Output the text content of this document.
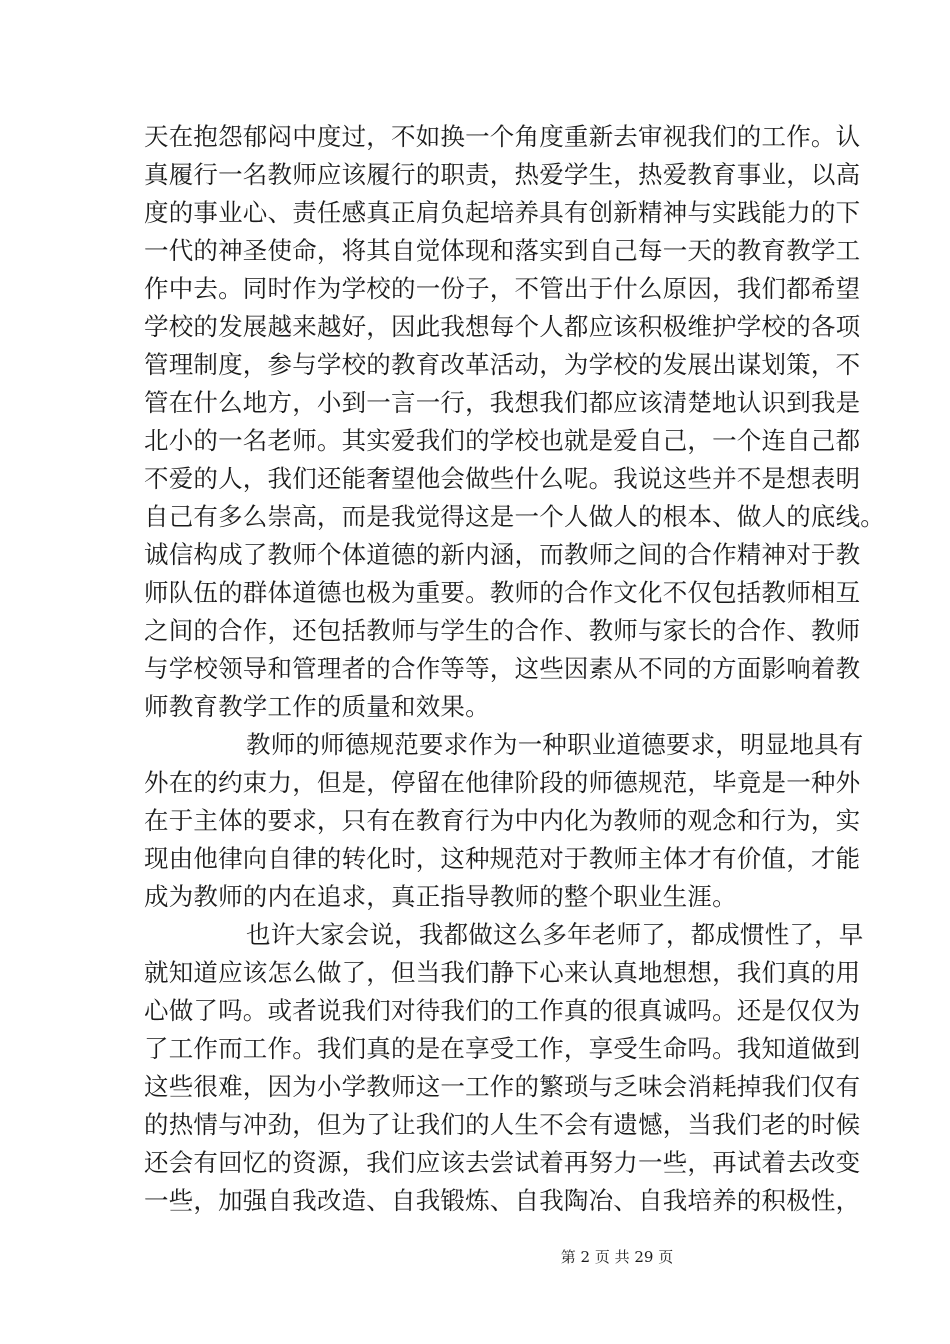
天在抱怨郁闷中度过，不如换一个角度重新去审视我们的工作。认
真履行一名教师应该履行的职责，热爱学生，热爱教育事业，以高
度的事业心、责任感真正肩负起培养具有创新精神与实践能力的下
一代的神圣使命，将其自觉体现和落实到自己每一天的教育教学工
作中去。同时作为学校的一份子，不管出于什么原因，我们都希望
学校的发展越来越好，因此我想每个人都应该积极维护学校的各项
管理制度，参与学校的教育改革活动，为学校的发展出谋划策，不
管在什么地方，小到一言一行，我想我们都应该清楚地认识到我是
北小的一名老师。其实爱我们的学校也就是爱自己，一个连自己都
不爱的人，我们还能奢望他会做些什么呢。我说这些并不是想表明
自己有多么崇高，而是我觉得这是一个人做人的根本、做人的底线。
诚信构成了教师个体道德的新内涵，而教师之间的合作精神对于教
师队伍的群体道德也极为重要。教师的合作文化不仅包括教师相互
之间的合作，还包括教师与学生的合作、教师与家长的合作、教师
与学校领导和管理者的合作等等，这些因素从不同的方面影响着教
师教育教学工作的质量和效果。
教师的师德规范要求作为一种职业道德要求，明显地具有
外在的约束力，但是，停留在他律阶段的师德规范，毕竟是一种外
在于主体的要求，只有在教育行为中内化为教师的观念和行为，实
现由他律向自律的转化时，这种规范对于教师主体才有价值，才能
成为教师的内在追求，真正指导教师的整个职业生涯。
也许大家会说，我都做这么多年老师了，都成惯性了，早
就知道应该怎么做了，但当我们静下心来认真地想想，我们真的用
心做了吗。或者说我们对待我们的工作真的很真诚吗。还是仅仅为
了工作而工作。我们真的是在享受工作，享受生命吗。我知道做到
这些很难，因为小学教师这一工作的繁琐与乏味会消耗掉我们仅有
的热情与冲劲，但为了让我们的人生不会有遗憾，当我们老的时候
还会有回忆的资源，我们应该去尝试着再努力一些，再试着去改变
一些，加强自我改造、自我锻炼、自我陶冶、自我培养的积极性，
第 2 页 共 29 页
